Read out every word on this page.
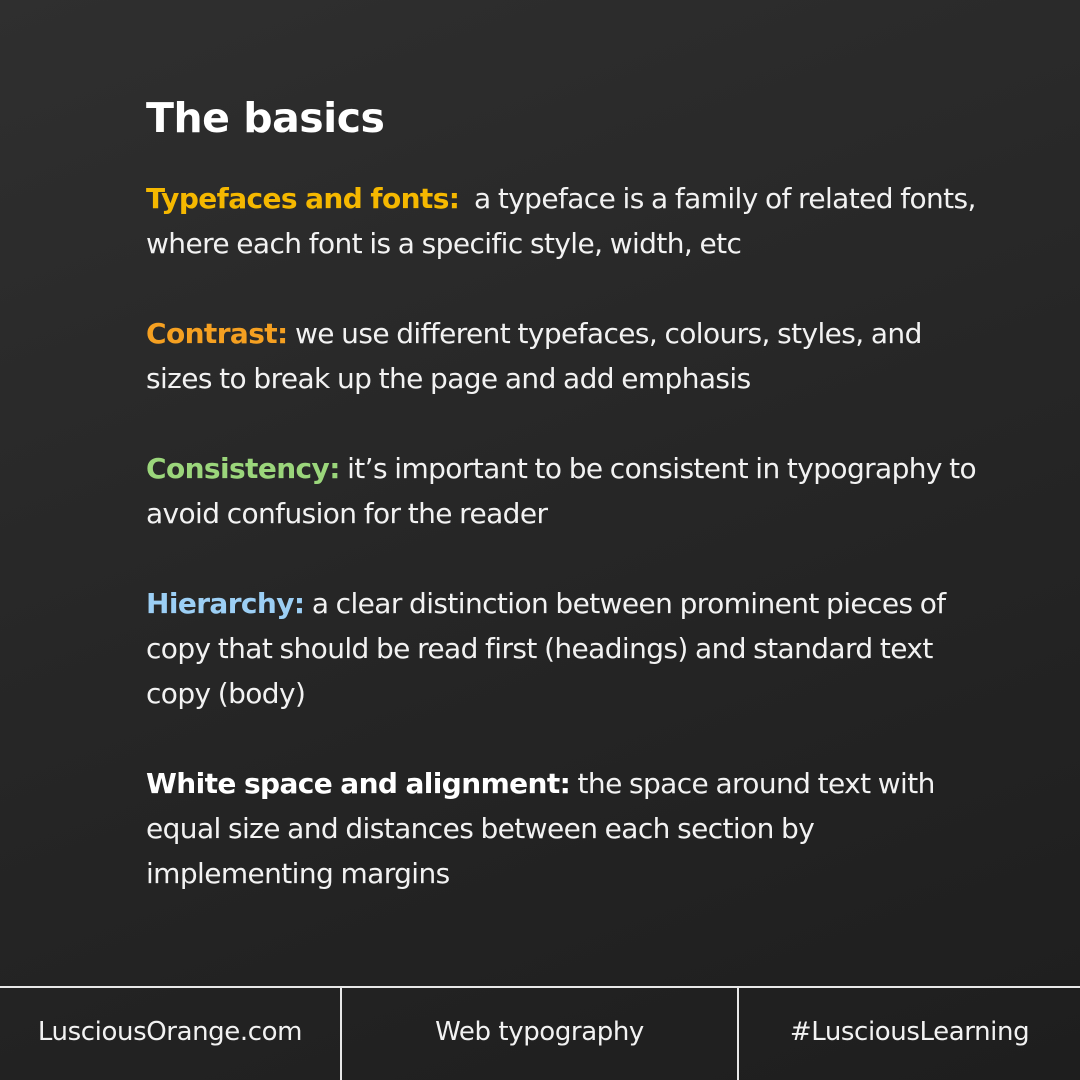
The basics

Typefaces and fonts:  a typeface is a family of related fonts, where each font is a specific style, width, etc

Contrast: we use different typefaces, colours, styles, and sizes to break up the page and add emphasis

Consistency: it’s important to be consistent in typography to avoid confusion for the reader

Hierarchy: a clear distinction between prominent pieces of copy that should be read first (headings) and standard text copy (body)

White space and alignment: the space around text with equal size and distances between each section by implementing margins

LusciousOrange.com	Web typography	#LusciousLearning
